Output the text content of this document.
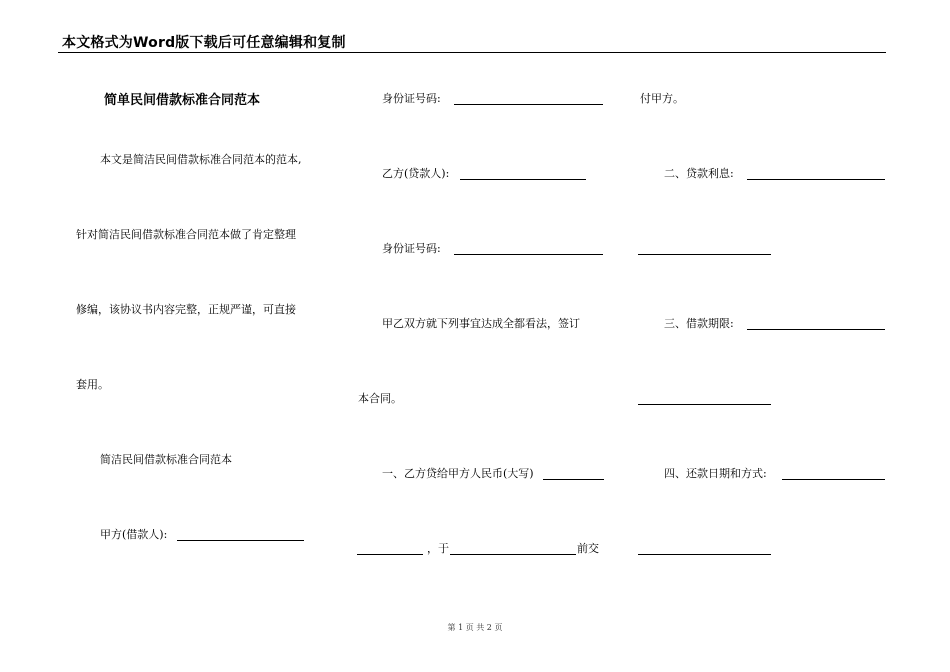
本文格式为Word版下载后可任意编辑和复制
简单民间借款标准合同范本
本文是简洁民间借款标准合同范本的范本,
针对简洁民间借款标准合同范本做了肯定整理
修编，该协议书内容完整，正规严谨，可直接
套用。
简洁民间借款标准合同范本
甲方(借款人):
身份证号码:
乙方(贷款人):
身份证号码:
甲乙双方就下列事宜达成全都看法，签订
本合同。
一、乙方贷给甲方人民币(大写)
，于	前交
付甲方。
二、贷款利息:
三、借款期限:
四、还款日期和方式:
第 1 页 共 2 页
